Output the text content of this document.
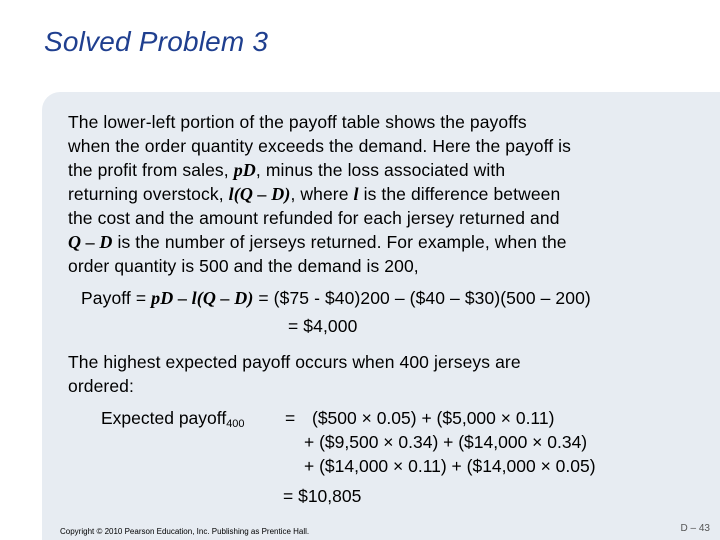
Solved Problem 3
The lower-left portion of the payoff table shows the payoffs
when the order quantity exceeds the demand. Here the payoff is
the profit from sales, pD, minus the loss associated with
returning overstock, l(Q – D), where l is the difference between
the cost and the amount refunded for each jersey returned and
Q – D is the number of jerseys returned. For example, when the
order quantity is 500 and the demand is 200,
Payoff = pD – l(Q – D) = ($75 - $40)200 – ($40 – $30)(500 – 200)
= $4,000
The highest expected payoff occurs when 400 jerseys are
ordered:
Expected payoff$_{400}$ = ($500 × 0.05) + ($5,000 × 0.11)
+ ($9,500 × 0.34) + ($14,000 × 0.34)
+ ($14,000 × 0.11) + ($14,000 × 0.05)
= $10,805
Copyright © 2010 Pearson Education, Inc. Publishing as Prentice Hall.	D – 43
